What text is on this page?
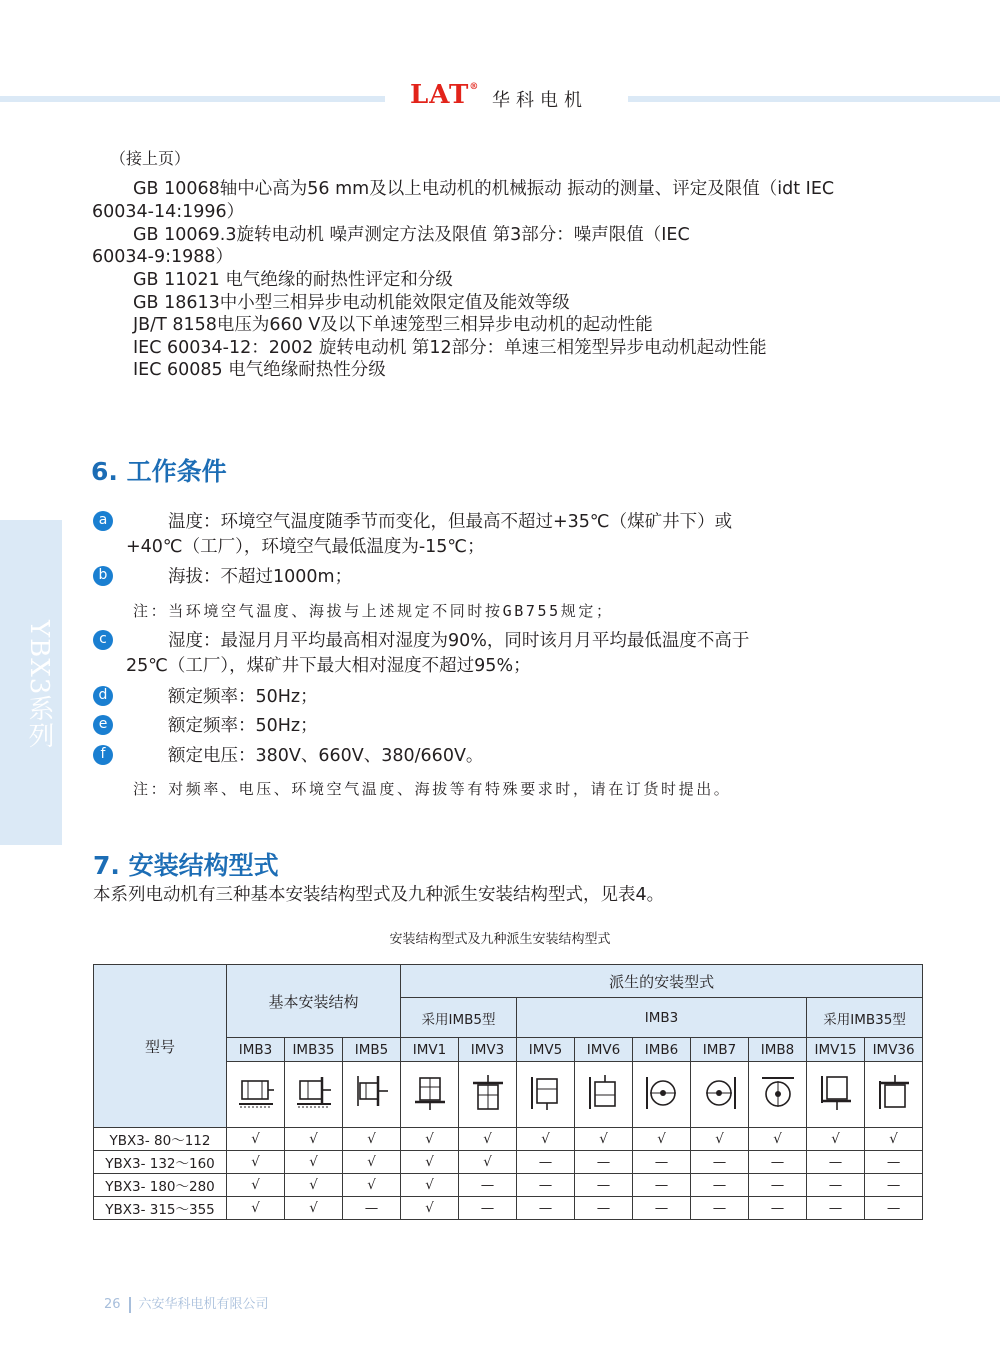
LAT®
华科电机
YBX3系列
（接上页）
GB 10068轴中心高为56 mm及以上电动机的机械振动 振动的测量、评定及限值（idt IEC
60034-14:1996）
GB 10069.3旋转电动机 噪声测定方法及限值 第3部分：噪声限值（IEC
60034-9:1988）
GB 11021 电气绝缘的耐热性评定和分级
GB 18613中小型三相异步电动机能效限定值及能效等级
JB/T 8158电压为660 V及以下单速笼型三相异步电动机的起动性能
IEC 60034-12：2002 旋转电动机 第12部分：单速三相笼型异步电动机起动性能
IEC 60085 电气绝缘耐热性分级
6. 工作条件
a	温度：环境空气温度随季节而变化，但最高不超过+35℃（煤矿井下）或
+40℃（工厂），环境空气最低温度为-15℃；
b	海拔：不超过1000m；
注：当环境空气温度、海拔与上述规定不同时按GB755规定；
c	湿度：最湿月月平均最高相对湿度为90%，同时该月月平均最低温度不高于
25℃（工厂），煤矿井下最大相对湿度不超过95%；
d	额定频率：50Hz；
e	额定频率：50Hz；
f	额定电压：380V、660V、380/660V。
注：对频率、电压、环境空气温度、海拔等有特殊要求时，请在订货时提出。
7. 安装结构型式
本系列电动机有三种基本安装结构型式及九种派生安装结构型式，见表4。
安装结构型式及九种派生安装结构型式
型号	基本安装结构			派生的安装型式								
				采用IMB5型		IMB3					采用IMB35型	
	IMB3	IMB35	IMB5	IMV1	IMV3	IMV5	IMV6	IMB6	IMB7	IMB8	IMV15	IMV36

YBX3- 80～112	√	√	√	√	√	√	√	√	√	√	√	√
YBX3- 132～160	√	√	√	√	√	—	—	—	—	—	—	—
YBX3- 180～280	√	√	√	√	—	—	—	—	—	—	—	—
YBX3- 315～355	√	√	—	√	—	—	—	—	—	—	—	—
26 六安华科电机有限公司
